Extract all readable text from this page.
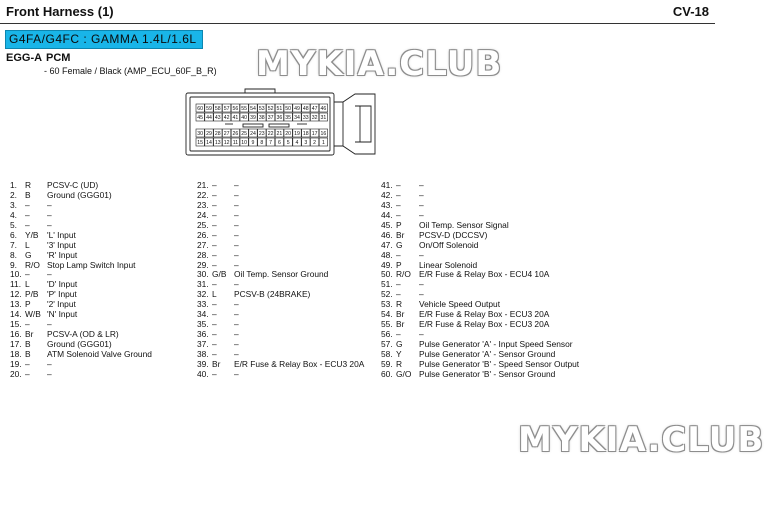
Front Harness (1)	CV-18
G4FA/G4FC : GAMMA 1.4L/1.6L
EGG-A PCM
- 60 Female / Black (AMP_ECU_60F_B_R) MYKIA.CLUB
MYKIA.CLUB
60 59 58 57 56 55 54 53 52 51 50 49 48 47 46
45 44 43 42 41 40 39 38 37 36 35 34 33 32 31
30 29 28 27 26 25 24 23 22 21 20 19 18 17 16
15 14 13 12 11 10 9 8 7 6 5 4 3 2 1
1. R PCSV-C (UD)
2. B Ground (GGG01)
3. – –
4. – –
5. – –
6. Y/B 'L' Input
7. L '3' Input
8. G 'R' Input
9. R/O Stop Lamp Switch Input
10. – –
11. L 'D' Input
12. P/B 'P' Input
13. P '2' Input
14. W/B 'N' Input
15. – –
16. Br PCSV-A (OD & LR)
17. B Ground (GGG01)
18. B ATM Solenoid Valve Ground
19. – –
20. – –
21. – –
22. – –
23. – –
24. – –
25. – –
26. – –
27. – –
28. – –
29. – –
30. G/B Oil Temp. Sensor Ground
31. – –
32. L PCSV-B (24BRAKE)
33. – –
34. – –
35. – –
36. – –
37. – –
38. – –
39. Br E/R Fuse & Relay Box - ECU3 20A
40. – –
41. – –
42. – –
43. – –
44. – –
45. P Oil Temp. Sensor Signal
46. Br PCSV-D (DCCSV)
47. G On/Off Solenoid
48. – –
49. P Linear Solenoid
50. R/O E/R Fuse & Relay Box - ECU4 10A
51. – –
52. – –
53. R Vehicle Speed Output
54. Br E/R Fuse & Relay Box - ECU3 20A
55. Br E/R Fuse & Relay Box - ECU3 20A
56. – –
57. G Pulse Generator 'A' - Input Speed Sensor
58. Y Pulse Generator 'A' - Sensor Ground
59. R Pulse Generator 'B' - Speed Sensor Output
60. G/O Pulse Generator 'B' - Sensor Ground
